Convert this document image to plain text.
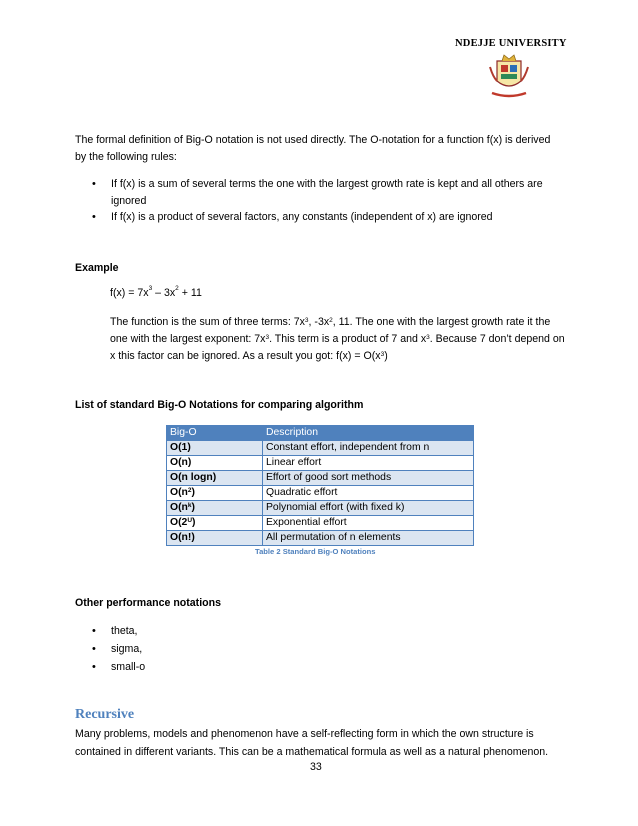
NDEJJE UNIVERSITY
The formal definition of Big-O notation is not used directly. The O-notation for a function f(x) is derived
by the following rules:
• If f(x) is a sum of several terms the one with the largest growth rate is kept and all others are
ignored
• If f(x) is a product of several factors, any constants (independent of x) are ignored
Example
$f(x) = 7x^3 - 3x^2 + 11$
The function is the sum of three terms: $7x^3$, $-3x^2$, 11. The one with the largest growth rate it the
one with the largest exponent: $7x^3$. This term is a product of 7 and $x^3$. Because 7 don’t depend on
x this factor can be ignored. As a result you got: $f(x) = O(x^3)$
List of standard Big-O Notations for comparing algorithm
Big-O	Description
O(1)	Constant effort, independent from n
O(n)	Linear effort
O(n logn)	Effort of good sort methods
$O(n^2)$	Quadratic effort
$O(n^k)$	Polynomial effort (with fixed k)
$O(2^U)$	Exponential effort
O(n!)	All permutation of n elements
Table 2 Standard Big-O Notations
Other performance notations
• theta,
• sigma,
• small-o
Recursive
Many problems, models and phenomenon have a self-reflecting form in which the own structure is
contained in different variants. This can be a mathematical formula as well as a natural phenomenon.
33
